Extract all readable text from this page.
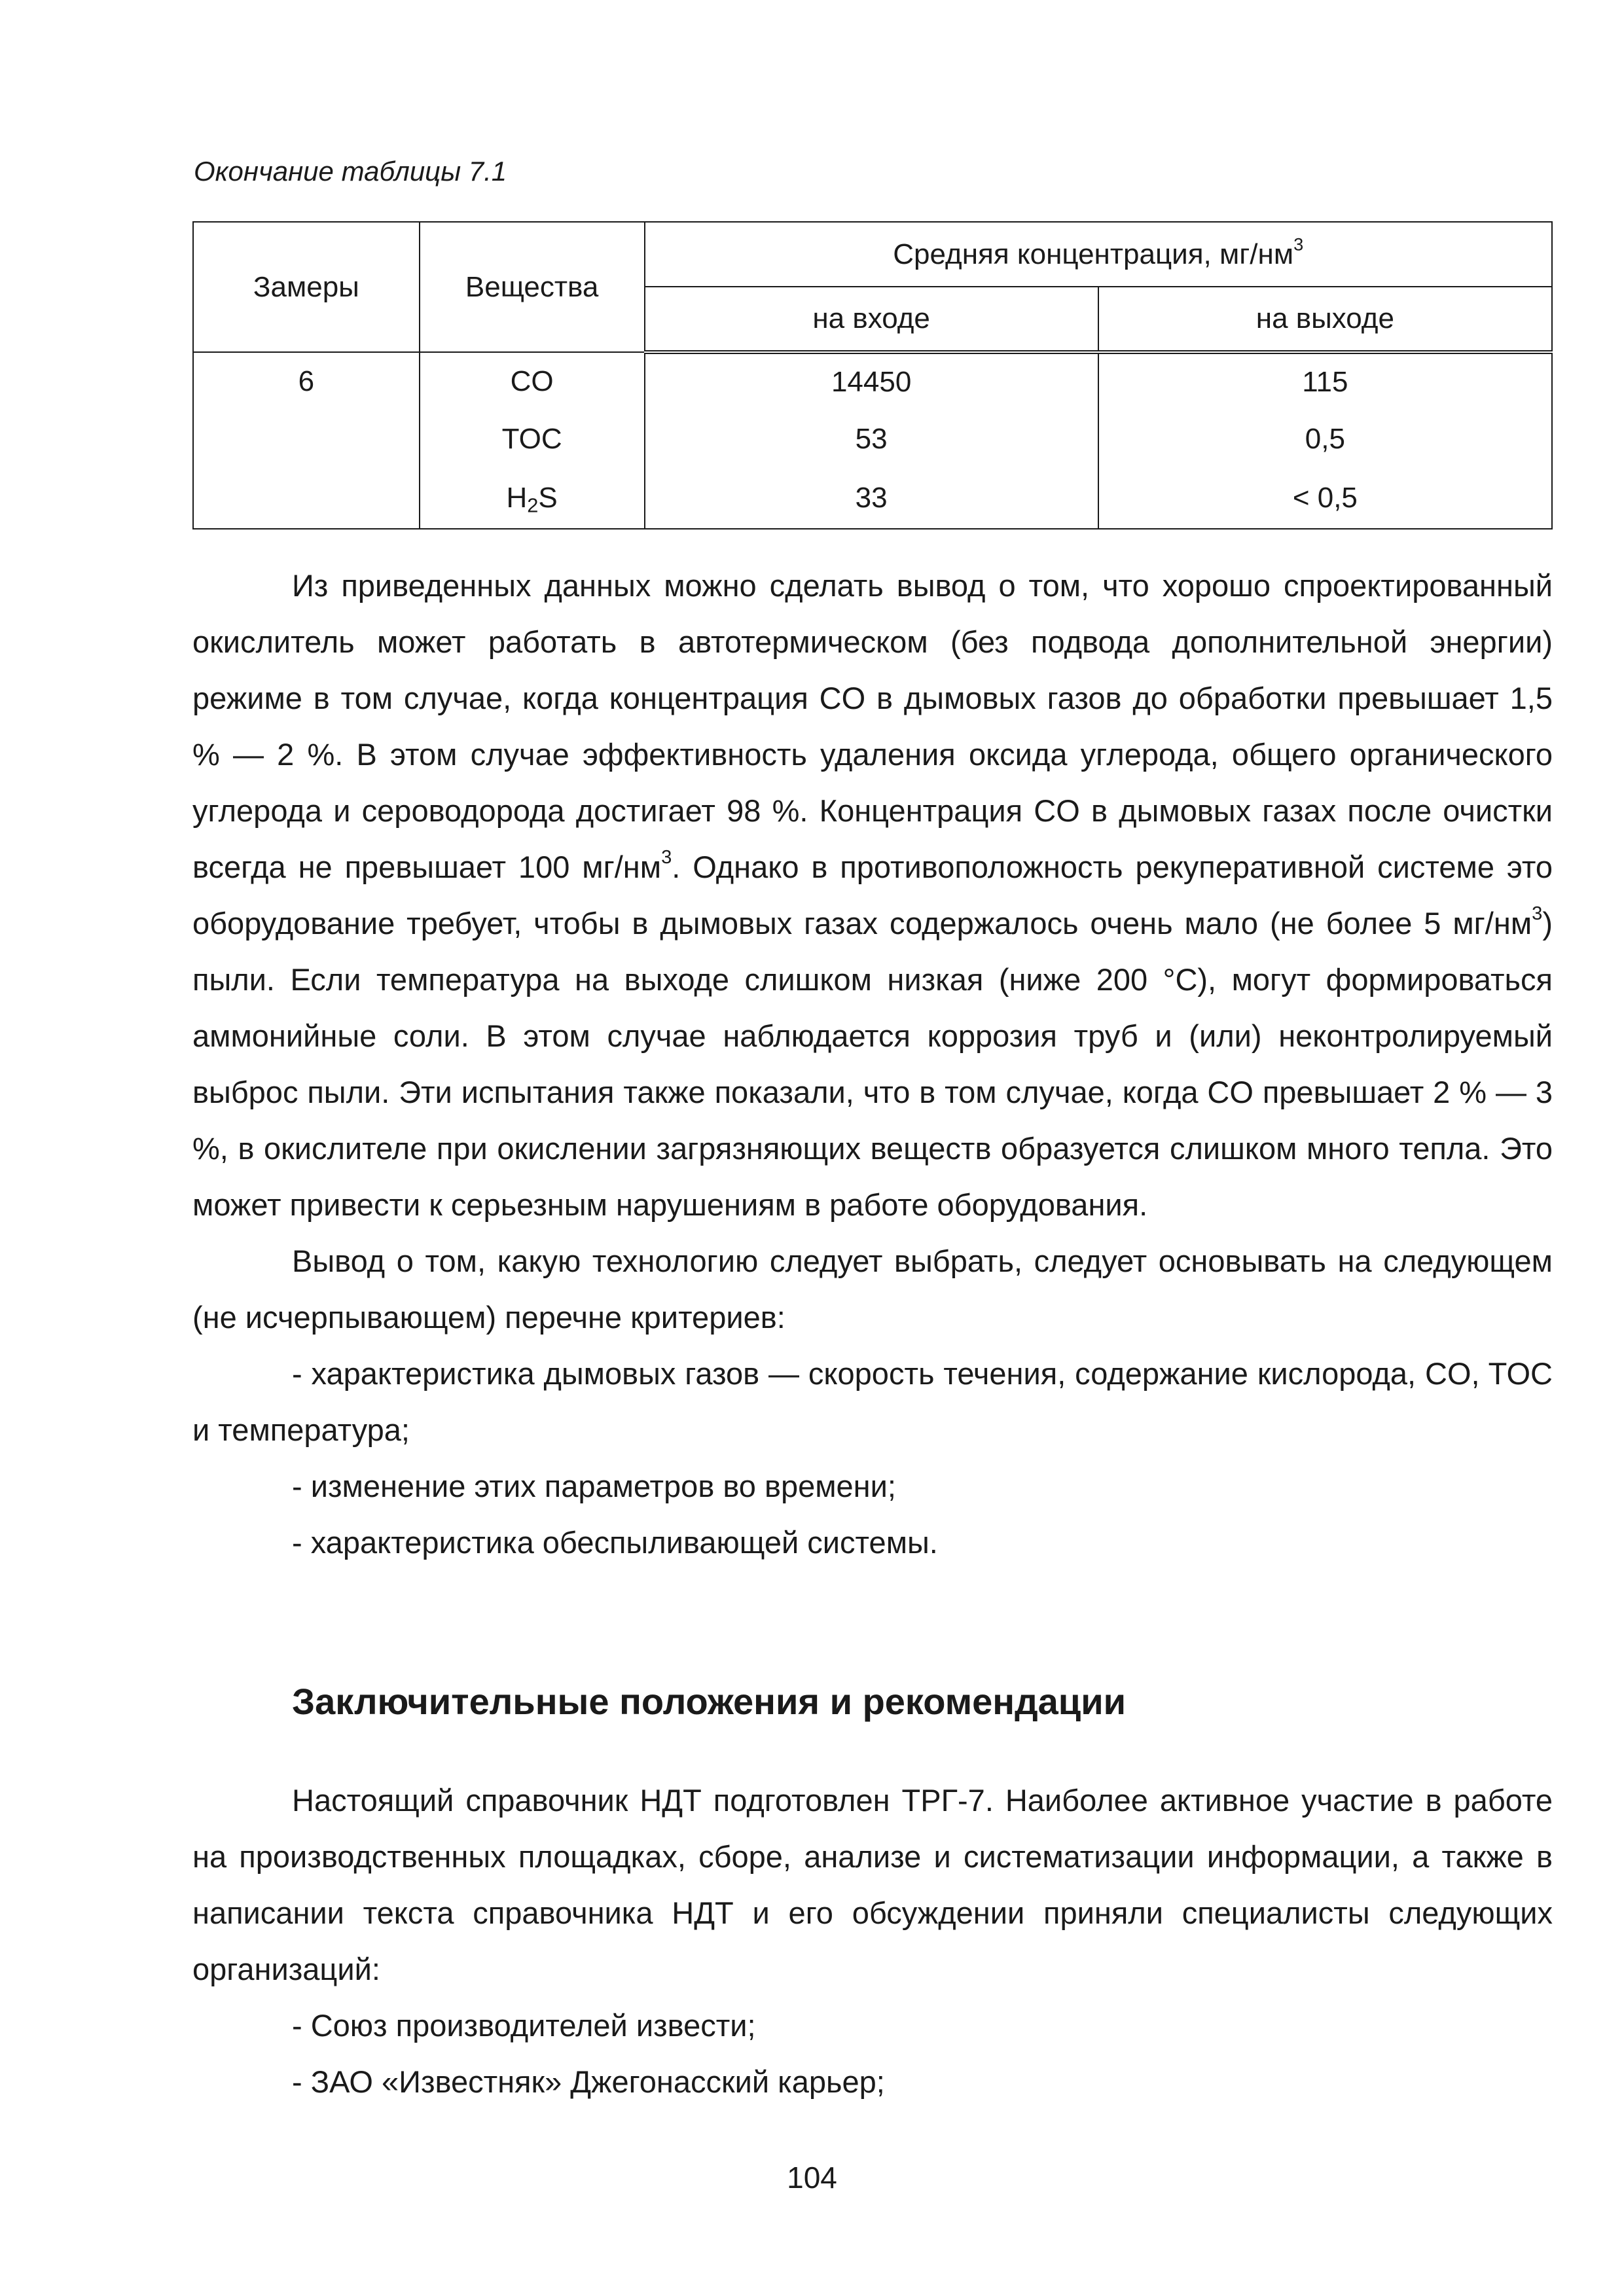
Окончание таблицы 7.1
Замеры	Вещества	Средняя концентрация, $мг/нм^3$
		на входе	на выходе
6	CO	14450	115
	TOC	53	0,5
	$H_2S$	33	< 0,5

Из приведенных данных можно сделать вывод о том, что хорошо спроектированный окислитель может работать в автотермическом (без подвода дополнительной энергии) режиме в том случае, когда концентрация CO в дымовых газов до обработки превышает 1,5 % — 2 %. В этом случае эффективность удаления оксида углерода, общего органического углерода и сероводорода достигает 98 %. Концентрация CO в дымовых газах после очистки всегда не превышает 100 $мг/нм^3$. Однако в противоположность рекуперативной системе это оборудование требует, чтобы в дымовых газах содержалось очень мало (не более 5 $мг/нм^3$) пыли. Если температура на выходе слишком низкая (ниже 200 °C), могут формироваться аммонийные соли. В этом случае наблюдается коррозия труб и (или) неконтролируемый выброс пыли. Эти испытания также показали, что в том случае, когда CO превышает 2 % — 3 %, в окислителе при окислении загрязняющих веществ образуется слишком много тепла. Это может привести к серьезным нарушениям в работе оборудования.

Вывод о том, какую технологию следует выбрать, следует основывать на следующем (не исчерпывающем) перечне критериев:

- характеристика дымовых газов — скорость течения, содержание кислорода, CO, TOC и температура;

- изменение этих параметров во времени;

- характеристика обеспыливающей системы.

Заключительные положения и рекомендации

Настоящий справочник НДТ подготовлен ТРГ-7. Наиболее активное участие в работе на производственных площадках, сборе, анализе и систематизации информации, а также в написании текста справочника НДТ и его обсуждении приняли специалисты следующих организаций:

- Союз производителей извести;

- ЗАО «Известняк» Джегонасский карьер;

104
